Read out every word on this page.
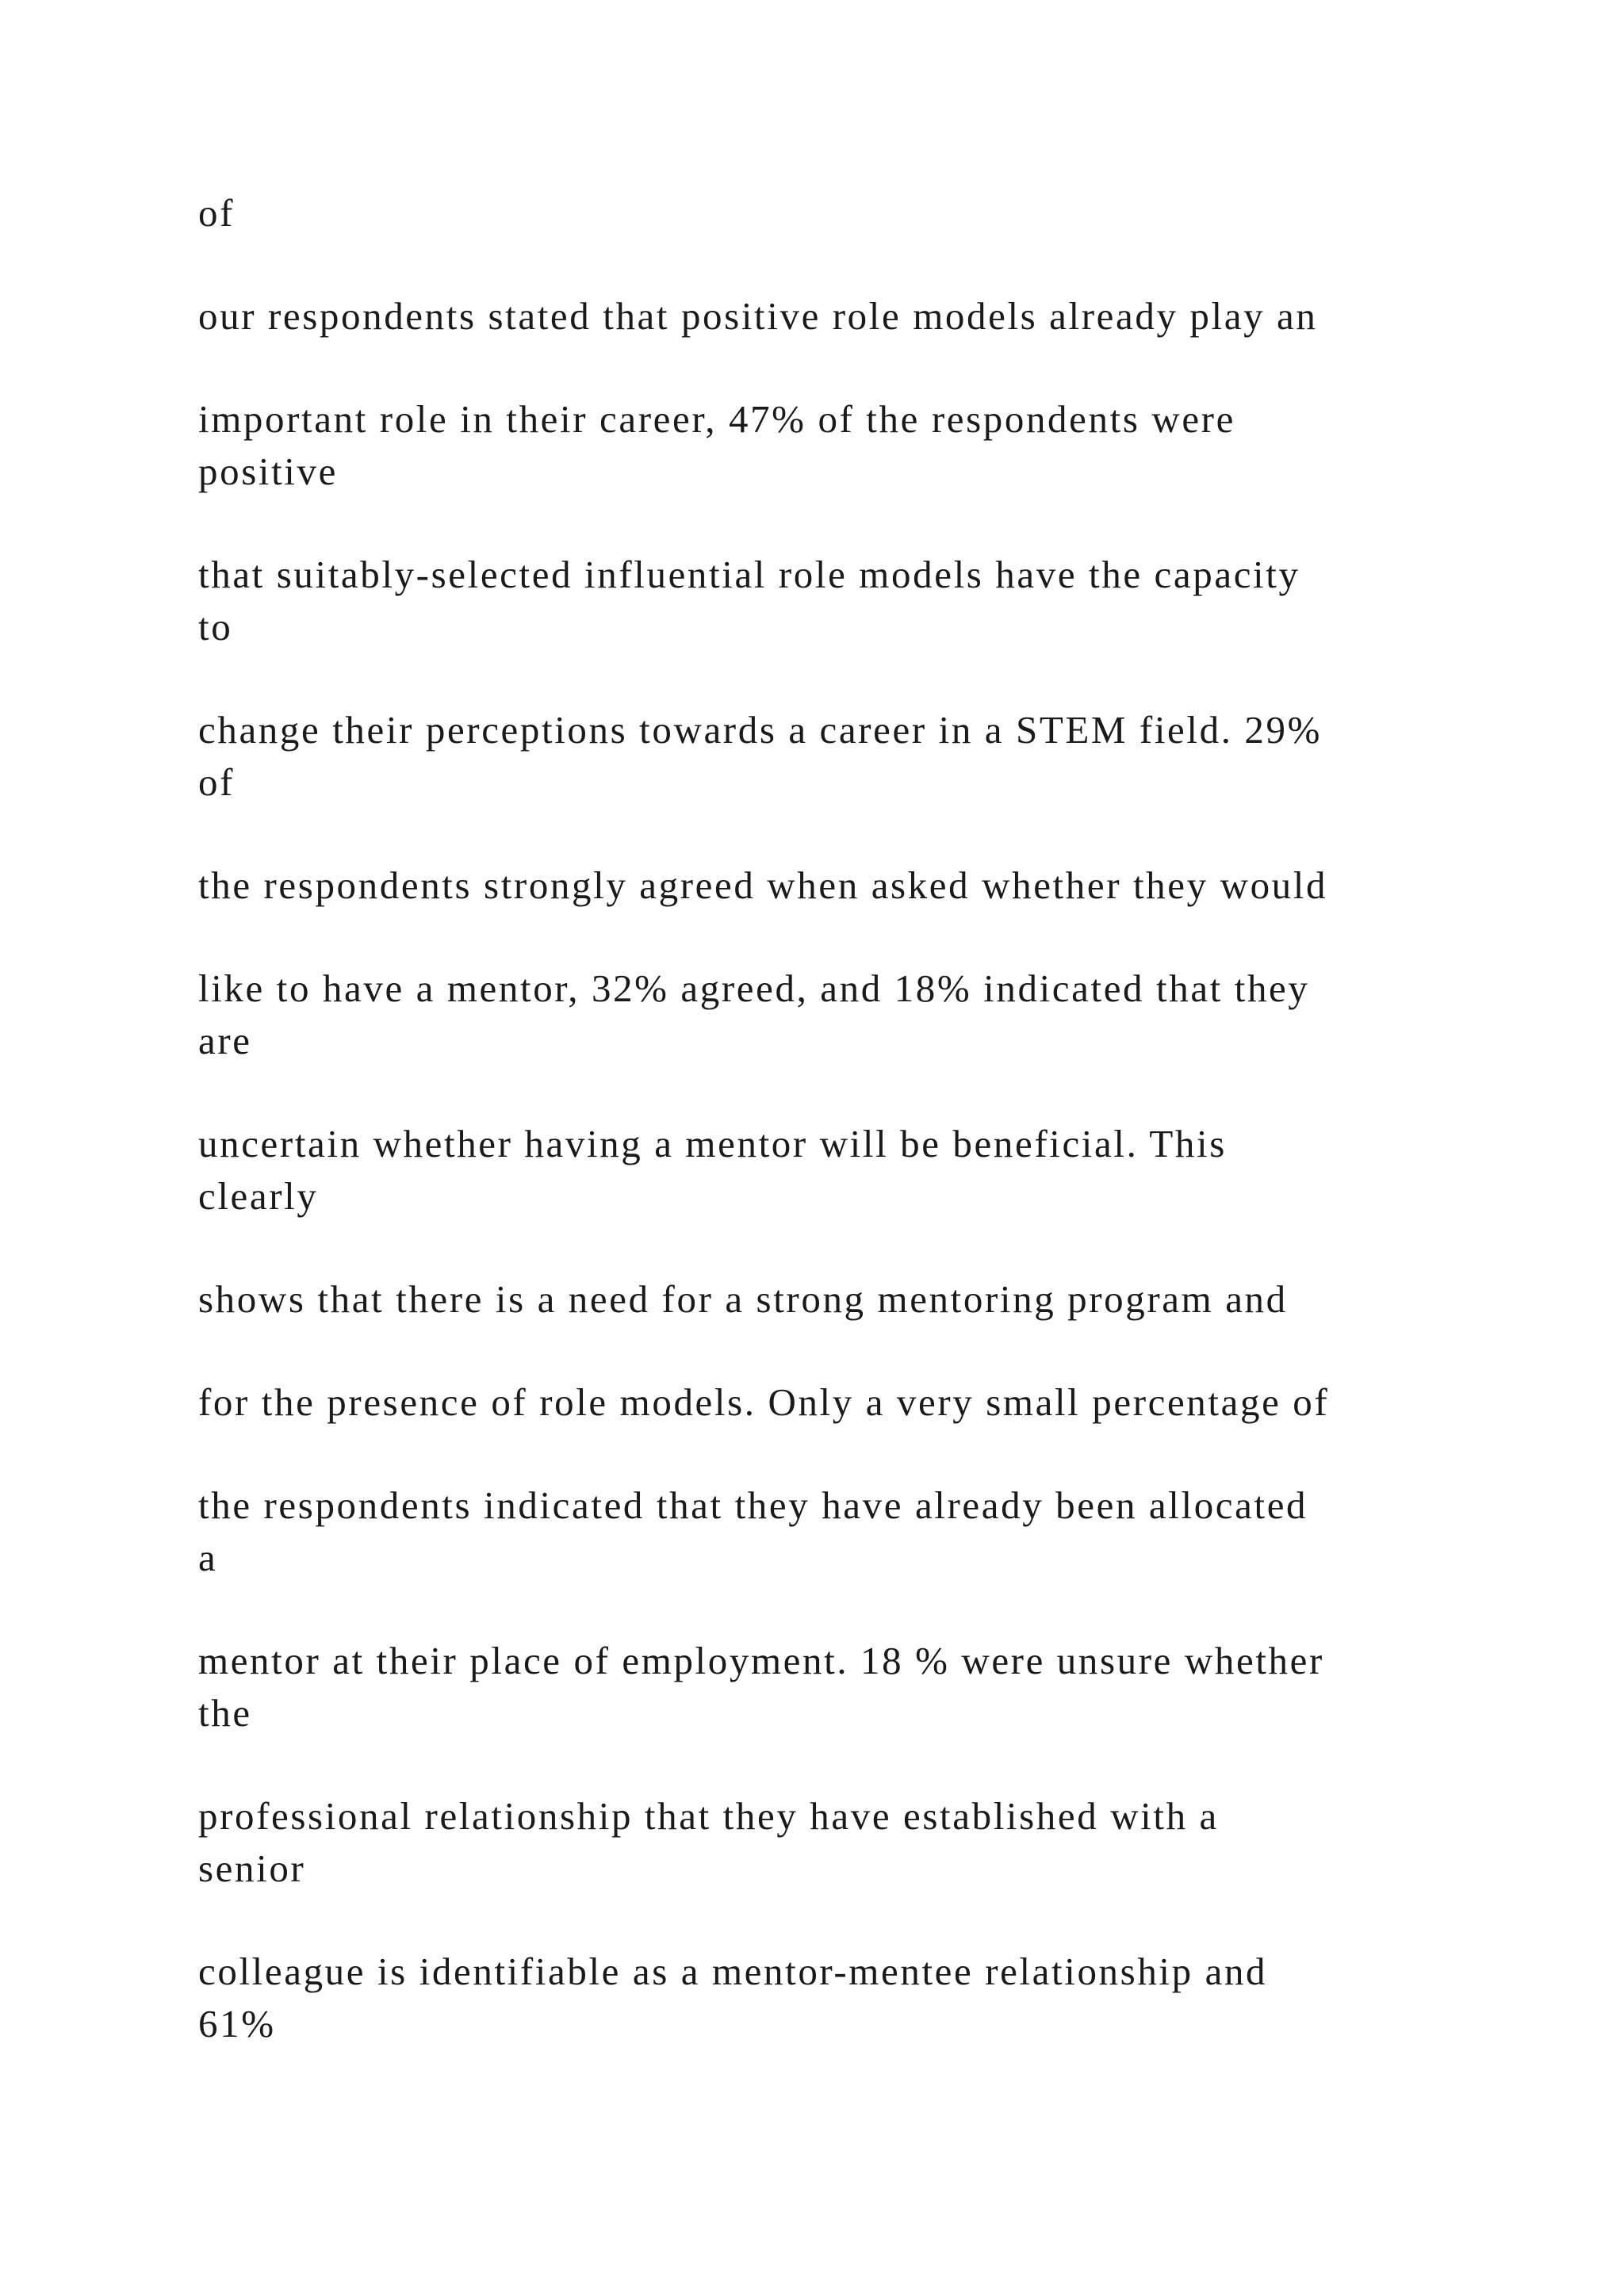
of

our respondents stated that positive role models already play an

important role in their career, 47% of the respondents were
positive

that suitably-selected influential role models have the capacity
to

change their perceptions towards a career in a STEM field. 29%
of

the respondents strongly agreed when asked whether they would

like to have a mentor, 32% agreed, and 18% indicated that they
are

uncertain whether having a mentor will be beneficial. This
clearly

shows that there is a need for a strong mentoring program and

for the presence of role models. Only a very small percentage of

the respondents indicated that they have already been allocated
a

mentor at their place of employment. 18 % were unsure whether
the

professional relationship that they have established with a
senior

colleague is identifiable as a mentor-mentee relationship and
61%
